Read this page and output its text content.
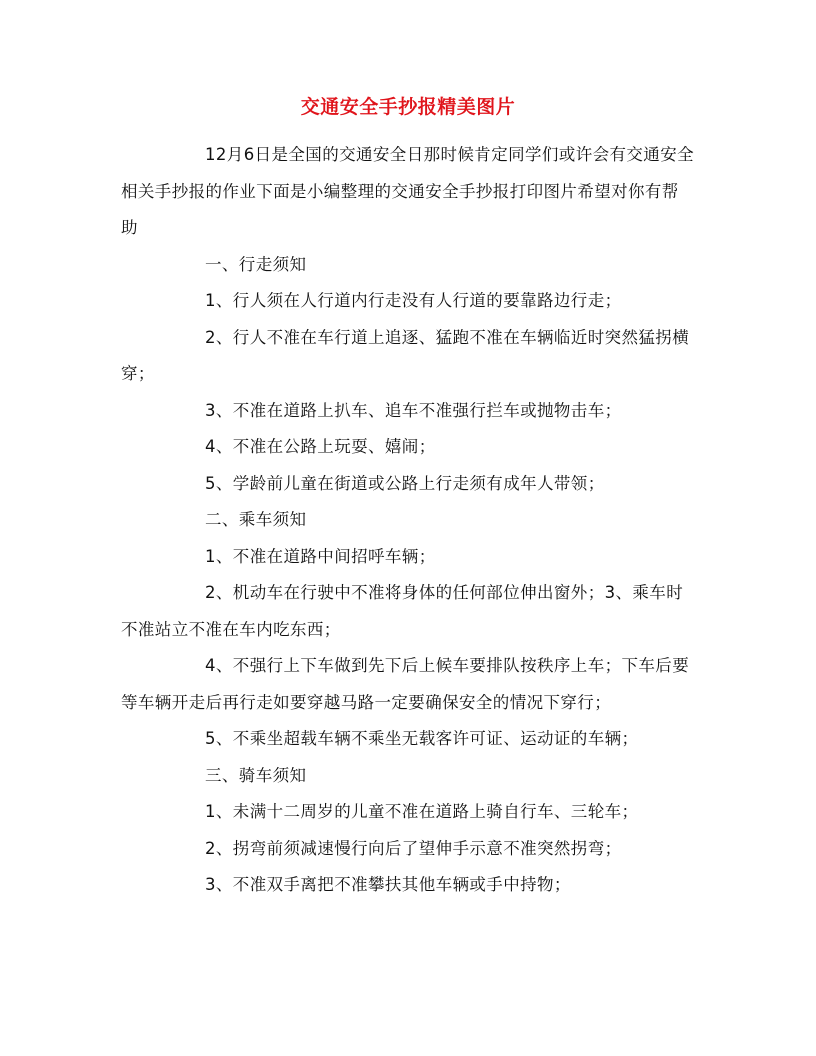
交通安全手抄报精美图片

12月6日是全国的交通安全日那时候肯定同学们或许会有交通安全相关手抄报的作业下面是小编整理的交通安全手抄报打印图片希望对你有帮助

一、行走须知

1、行人须在人行道内行走没有人行道的要靠路边行走；

2、行人不准在车行道上追逐、猛跑不准在车辆临近时突然猛拐横穿；

3、不准在道路上扒车、追车不准强行拦车或抛物击车；

4、不准在公路上玩耍、嬉闹；

5、学龄前儿童在街道或公路上行走须有成年人带领；

二、乘车须知

1、不准在道路中间招呼车辆；

2、机动车在行驶中不准将身体的任何部位伸出窗外；3、乘车时不准站立不准在车内吃东西；

4、不强行上下车做到先下后上候车要排队按秩序上车；下车后要等车辆开走后再行走如要穿越马路一定要确保安全的情况下穿行；

5、不乘坐超载车辆不乘坐无载客许可证、运动证的车辆；

三、骑车须知

1、未满十二周岁的儿童不准在道路上骑自行车、三轮车；

2、拐弯前须减速慢行向后了望伸手示意不准突然拐弯；

3、不准双手离把不准攀扶其他车辆或手中持物；
